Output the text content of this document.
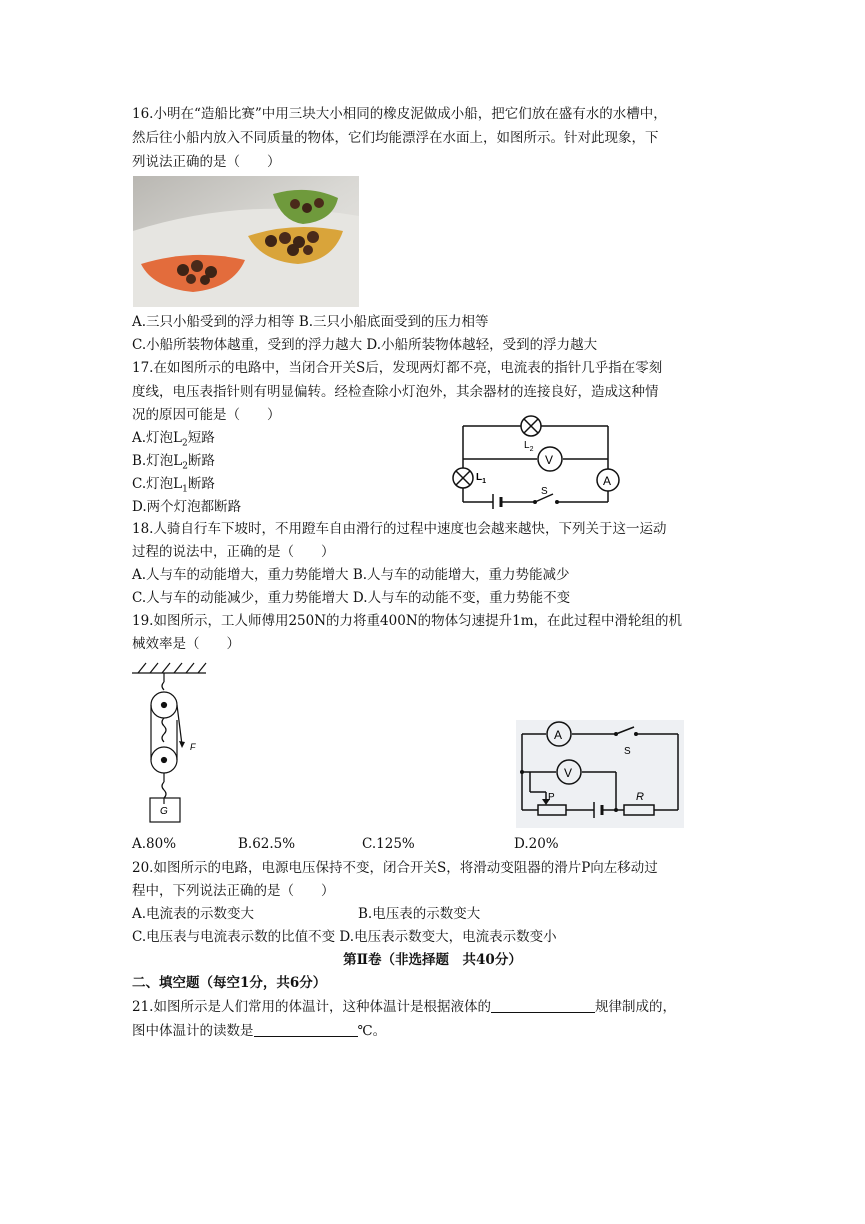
16.小明在“造船比赛”中用三块大小相同的橡皮泥做成小船，把它们放在盛有水的水槽中，
然后往小船内放入不同质量的物体，它们均能漂浮在水面上，如图所示。针对此现象，下
列说法正确的是（　　）
A.三只小船受到的浮力相等 B.三只小船底面受到的压力相等
C.小船所装物体越重，受到的浮力越大 D.小船所装物体越轻，受到的浮力越大
17.在如图所示的电路中，当闭合开关S后，发现两灯都不亮，电流表的指针几乎指在零刻
度线，电压表指针则有明显偏转。经检查除小灯泡外，其余器材的连接良好，造成这种情
况的原因可能是（　　）
A.灯泡$L_2$短路
B.灯泡$L_2$断路
C.灯泡$L_1$断路
D.两个灯泡都断路
$L_2$
V
$L_1$	A
S
18.人骑自行车下坡时，不用蹬车自由滑行的过程中速度也会越来越快，下列关于这一运动
过程的说法中，正确的是（　　）
A.人与车的动能增大，重力势能增大 B.人与车的动能增大，重力势能减少
C.人与车的动能减少，重力势能增大 D.人与车的动能不变，重力势能不变
19.如图所示，工人师傅用250N的力将重400N的物体匀速提升1m，在此过程中滑轮组的机
械效率是（　　）
F
G
A
V
S
P	R
A.80%	B.62.5%	C.125%	D.20%
20.如图所示的电路，电源电压保持不变，闭合开关S，将滑动变阻器的滑片P向左移动过
程中，下列说法正确的是（　　）
A.电流表的示数变大	B.电压表的示数变大
C.电压表与电流表示数的比值不变 D.电压表示数变大，电流表示数变小
第Ⅱ卷（非选择题　共40分）
二、填空题（每空1分，共6分）
21.如图所示是人们常用的体温计，这种体温计是根据液体的	规律制成的，
图中体温计的读数是	℃。
